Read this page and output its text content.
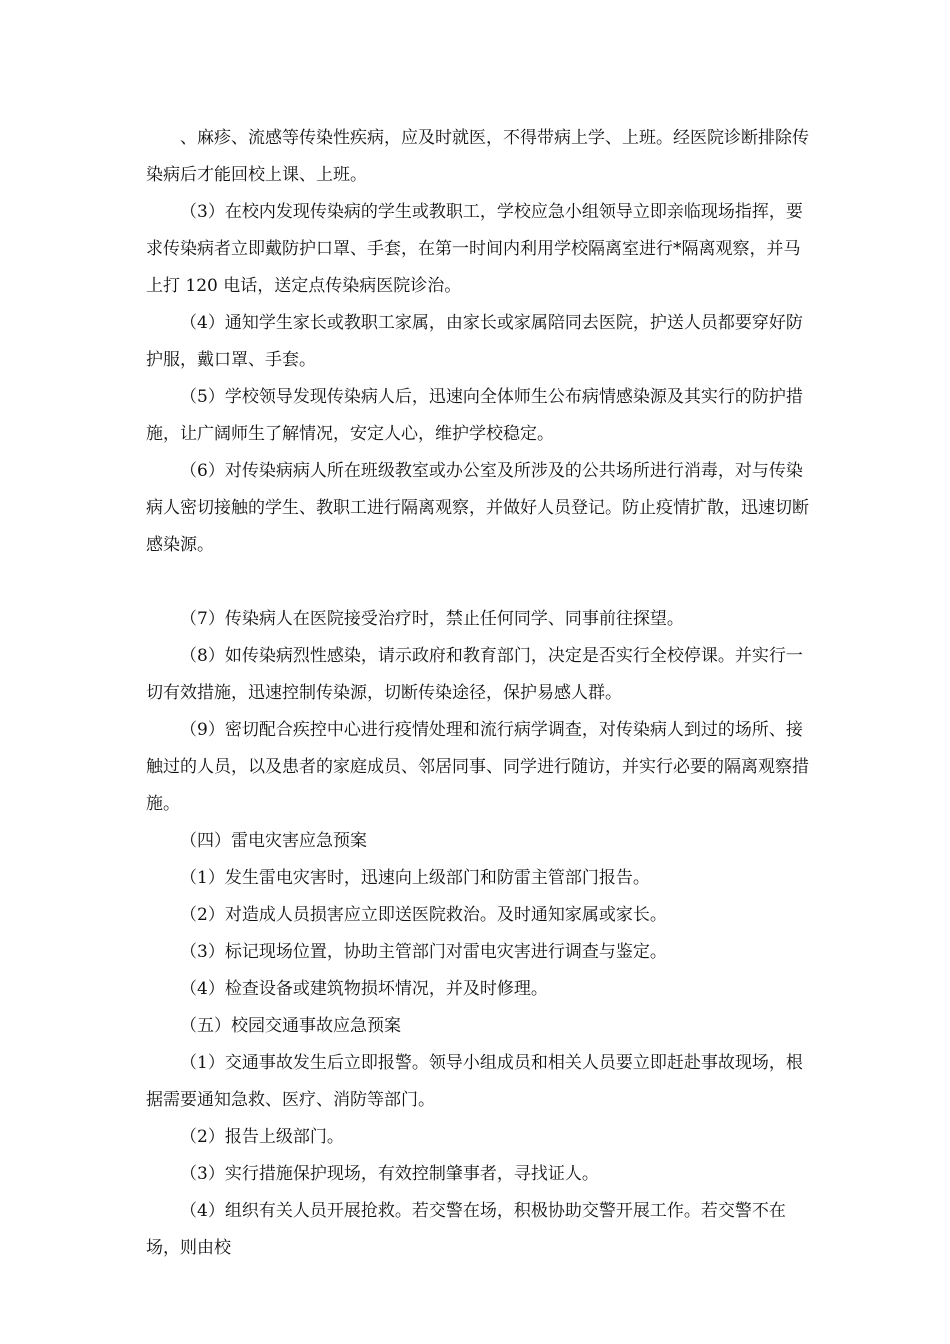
、麻疹、流感等传染性疾病，应及时就医，不得带病上学、上班。经医院诊断排除传染病后才能回校上课、上班。

（3）在校内发现传染病的学生或教职工，学校应急小组领导立即亲临现场指挥，要求传染病者立即戴防护口罩、手套，在第一时间内利用学校隔离室进行*隔离观察，并马上打 120 电话，送定点传染病医院诊治。

（4）通知学生家长或教职工家属，由家长或家属陪同去医院，护送人员都要穿好防护服，戴口罩、手套。

（5）学校领导发现传染病人后，迅速向全体师生公布病情感染源及其实行的防护措施，让广阔师生了解情况，安定人心，维护学校稳定。

（6）对传染病病人所在班级教室或办公室及所涉及的公共场所进行消毒，对与传染病人密切接触的学生、教职工进行隔离观察，并做好人员登记。防止疫情扩散，迅速切断感染源。

（7）传染病人在医院接受治疗时，禁止任何同学、同事前往探望。

（8）如传染病烈性感染，请示政府和教育部门，决定是否实行全校停课。并实行一切有效措施，迅速控制传染源，切断传染途径，保护易感人群。

（9）密切配合疾控中心进行疫情处理和流行病学调查，对传染病人到过的场所、接触过的人员，以及患者的家庭成员、邻居同事、同学进行随访，并实行必要的隔离观察措施。

（四）雷电灾害应急预案

（1）发生雷电灾害时，迅速向上级部门和防雷主管部门报告。

（2）对造成人员损害应立即送医院救治。及时通知家属或家长。

（3）标记现场位置，协助主管部门对雷电灾害进行调查与鉴定。

（4）检查设备或建筑物损坏情况，并及时修理。

（五）校园交通事故应急预案

（1）交通事故发生后立即报警。领导小组成员和相关人员要立即赶赴事故现场，根据需要通知急救、医疗、消防等部门。

（2）报告上级部门。

（3）实行措施保护现场，有效控制肇事者，寻找证人。

（4）组织有关人员开展抢救。若交警在场，积极协助交警开展工作。若交警不在场，则由校
